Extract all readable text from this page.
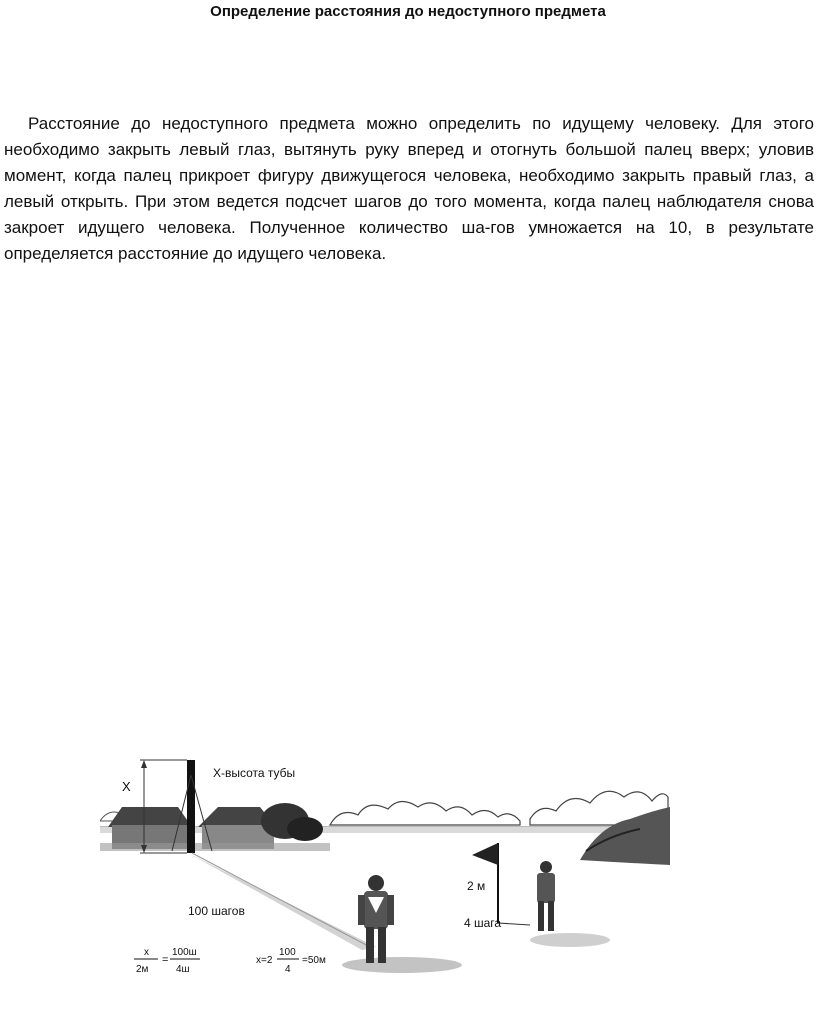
Определение расстояния до недоступного предмета

Расстояние до недоступного предмета можно определить по идущему человеку. Для этого необходимо закрыть левый глаз, вытянуть руку вперед и отогнуть большой палец вверх; уловив момент, когда палец прикроет фигуру движущегося человека, необходимо закрыть правый глаз, а левый открыть. При этом ведется подсчет шагов до того момента, когда палец наблюдателя снова закроет идущего человека. Полученное количество ша-гов умножается на 10, в результате определяется расстояние до идущего человека.

Х
Х-высота тубы
2 м
4 шага
100 шагов
х
2м
=
100ш
4ш
х=2
100
4
=50м
